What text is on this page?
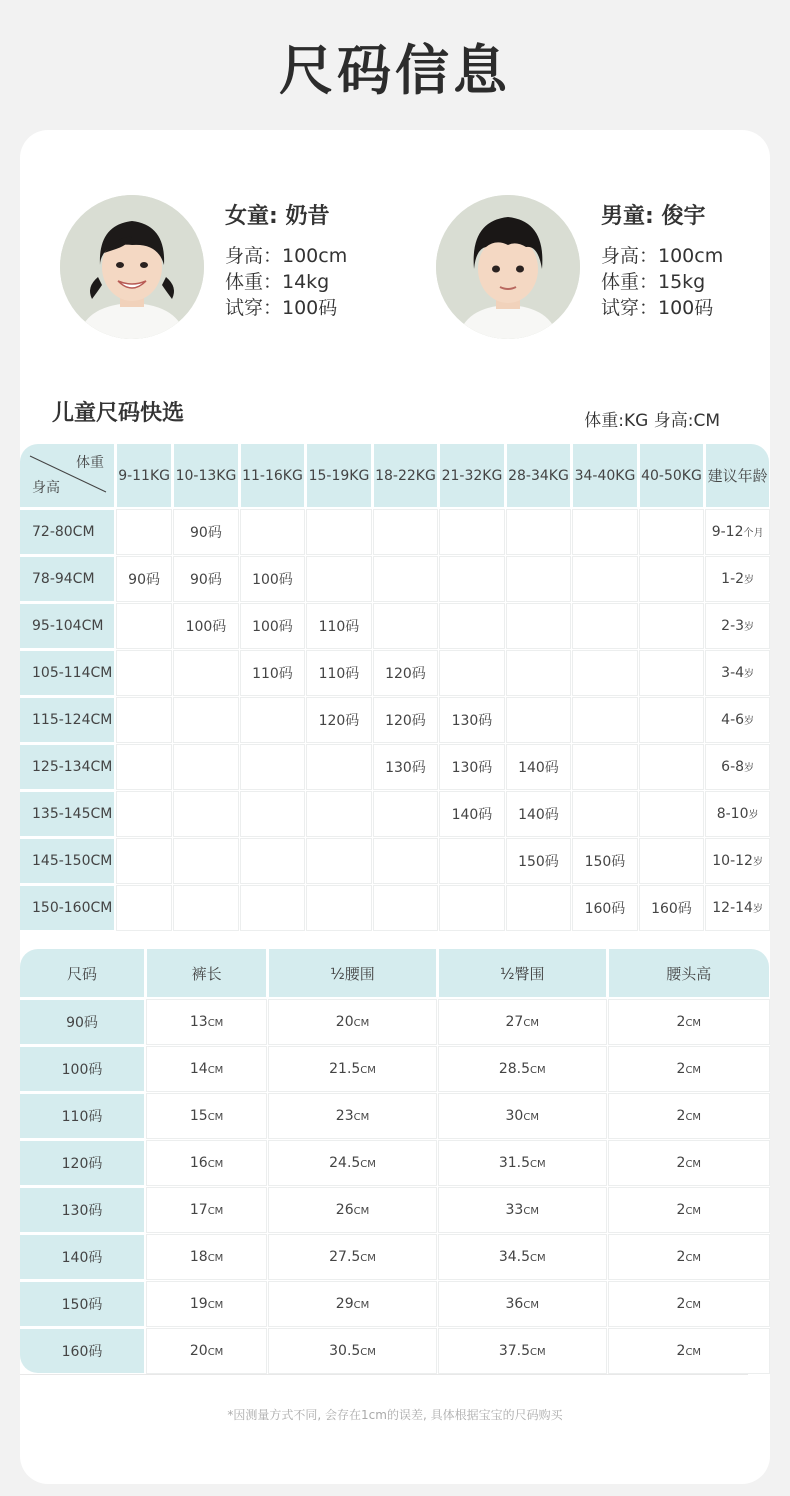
尺码信息
女童: 奶昔
身高：100cm
体重：14kg
试穿：100码
男童: 俊宇
身高：100cm
体重：15kg
试穿：100码
儿童尺码快选	体重:KG 身高:CM
体重
身高	9-11KG	10-13KG	11-16KG	15-19KG	18-22KG	21-32KG	28-34KG	34-40KG	40-50KG	建议年龄
72-80CM		90码								9-12个月
78-94CM	90码	90码	100码							1-2岁
95-104CM		100码	100码	110码						2-3岁
105-114CM			110码	110码	120码					3-4岁
115-124CM				120码	120码	130码				4-6岁
125-134CM					130码	130码	140码			6-8岁
135-145CM						140码	140码			8-10岁
145-150CM							150码	150码		10-12岁
150-160CM								160码	160码	12-14岁
尺码	裤长	½腰围	½臀围	腰头高
90码	13CM	20CM	27CM	2CM
100码	14CM	21.5CM	28.5CM	2CM
110码	15CM	23CM	30CM	2CM
120码	16CM	24.5CM	31.5CM	2CM
130码	17CM	26CM	33CM	2CM
140码	18CM	27.5CM	34.5CM	2CM
150码	19CM	29CM	36CM	2CM
160码	20CM	30.5CM	37.5CM	2CM
*因测量方式不同, 会存在1cm的误差, 具体根据宝宝的尺码购买
